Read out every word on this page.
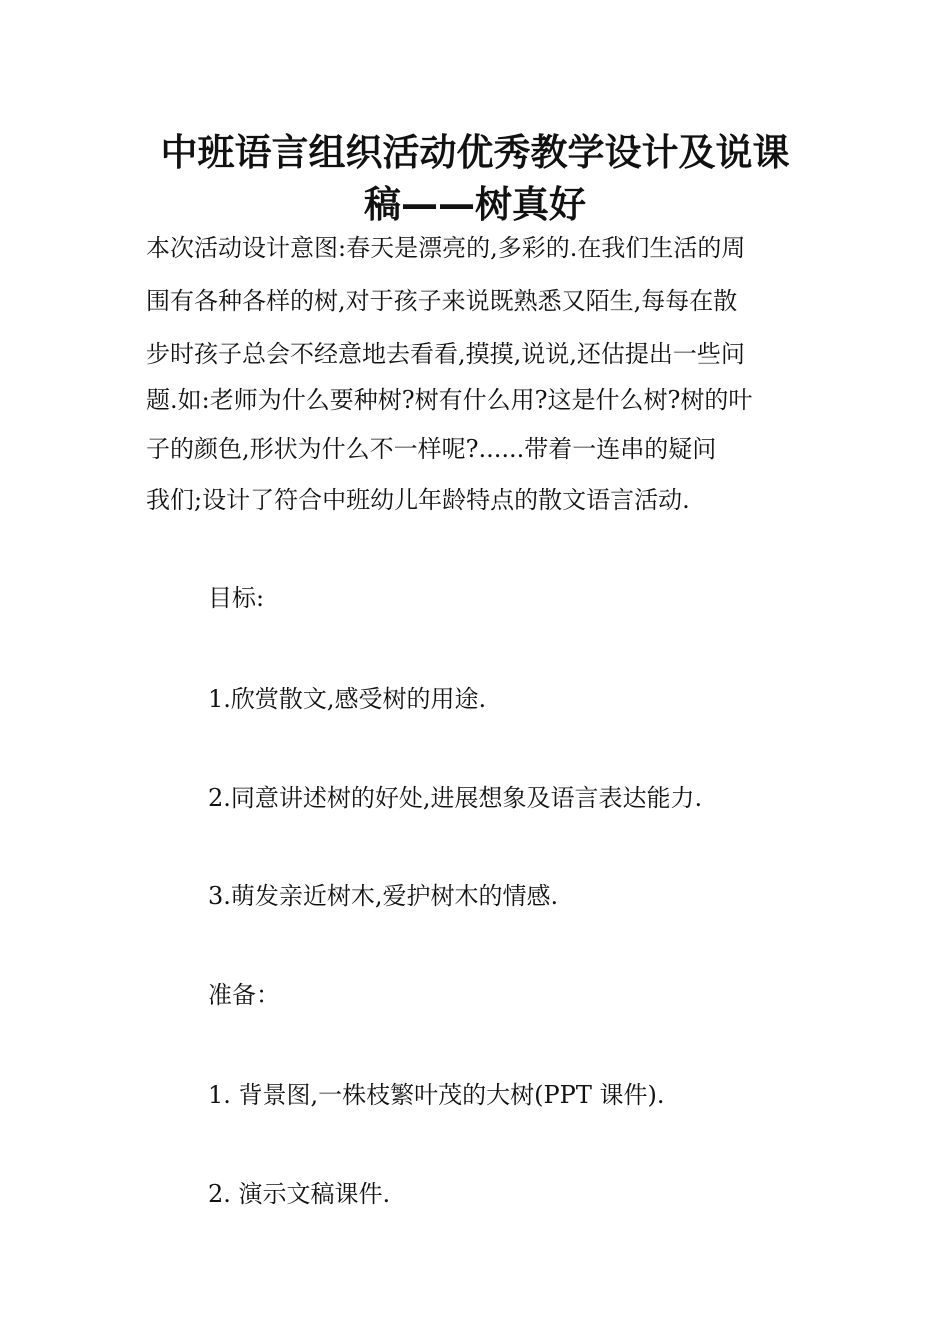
中班语言组织活动优秀教学设计及说课
稿——树真好

本次活动设计意图:春天是漂亮的,多彩的.在我们生活的周

围有各种各样的树,对于孩子来说既熟悉又陌生,每每在散

步时孩子总会不经意地去看看,摸摸,说说,还估提出一些问

题.如:老师为什么要种树?树有什么用?这是什么树?树的叶

子的颜色,形状为什么不一样呢?......带着一连串的疑问

我们;设计了符合中班幼儿年龄特点的散文语言活动.

目标:

1.欣赏散文,感受树的用途.

2.同意讲述树的好处,进展想象及语言表达能力.

3.萌发亲近树木,爱护树木的情感.

准备：

1. 背景图,一株枝繁叶茂的大树(PPT 课件).

2. 演示文稿课件.
